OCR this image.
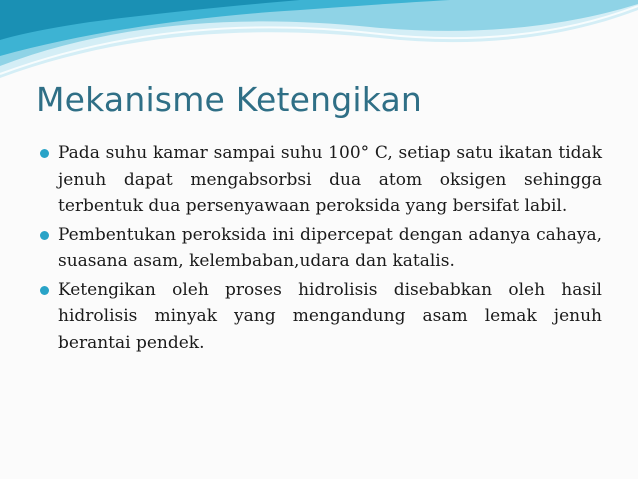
Mekanisme Ketengikan
Pada suhu kamar sampai suhu 100° C, setiap satu ikatan tidak jenuh dapat mengabsorbsi dua atom oksigen sehingga terbentuk dua persenyawaan peroksida yang bersifat labil.
Pembentukan peroksida ini dipercepat dengan adanya cahaya, suasana asam, kelembaban,udara dan katalis.
Ketengikan oleh proses hidrolisis disebabkan oleh hasil hidrolisis minyak yang mengandung asam lemak jenuh berantai pendek.
